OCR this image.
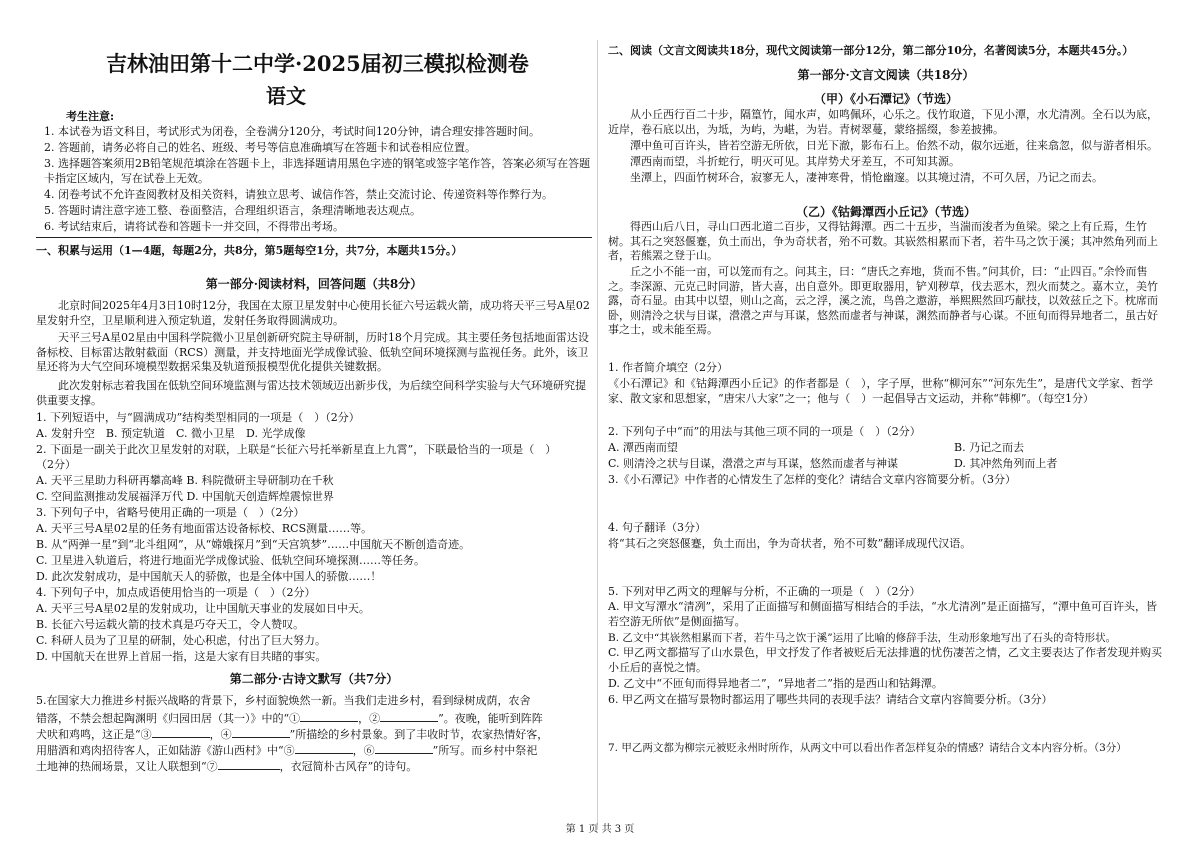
吉林油田第十二中学·2025届初三模拟检测卷
语文
考生注意:
1. 本试卷为语文科目，考试形式为闭卷，全卷满分120分，考试时间120分钟，请合理安排答题时间。
2. 答题前，请务必将自己的姓名、班级、考号等信息准确填写在答题卡和试卷相应位置。
3. 选择题答案须用2B铅笔规范填涂在答题卡上，非选择题请用黑色字迹的钢笔或签字笔作答，答案必须写在答题
卡指定区域内，写在试卷上无效。
4. 闭卷考试不允许查阅教材及相关资料，请独立思考、诚信作答，禁止交流讨论、传递资料等作弊行为。
5. 答题时请注意字迹工整、卷面整洁，合理组织语言，条理清晰地表达观点。
6. 考试结束后，请将试卷和答题卡一并交回，不得带出考场。
一、积累与运用（1—4题，每题2分，共8分，第5题每空1分，共7分，本题共15分。）
第一部分·阅读材料，回答问题（共8分）
北京时间2025年4月3日10时12分，我国在太原卫星发射中心使用长征六号运载火箭，成功将天平三号A星02星发射升空，卫星顺利进入预定轨道，发射任务取得圆满成功。
天平三号A星02星由中国科学院微小卫星创新研究院主导研制，历时18个月完成。其主要任务包括地面雷达设备标校、目标雷达散射截面（RCS）测量，并支持地面光学成像试验、低轨空间环境探测与监视任务。此外，该卫星还将为大气空间环境模型数据采集及轨道预报模型优化提供关键数据。
此次发射标志着我国在低轨空间环境监测与雷达技术领域迈出新步伐，为后续空间科学实验与大气环境研究提供重要支撑。
1. 下列短语中，与“圆满成功”结构类型相同的一项是（　）（2分）
A. 发射升空　B. 预定轨道　C. 微小卫星　D. 光学成像
2. 下面是一副关于此次卫星发射的对联，上联是“长征六号托举新星直上九霄”，下联最恰当的一项是（　）
（2分）
A. 天平三星助力科研再攀高峰 B. 科院微研主导研制功在千秋
C. 空间监测推动发展福泽万代 D. 中国航天创造辉煌震惊世界
3. 下列句子中，省略号使用正确的一项是（　）（2分）
A. 天平三号A星02星的任务有地面雷达设备标校、RCS测量……等。
B. 从“两弹一星”到“北斗组网”，从“嫦娥探月”到“天宫筑梦”……中国航天不断创造奇迹。
C. 卫星进入轨道后，将进行地面光学成像试验、低轨空间环境探测……等任务。
D. 此次发射成功，是中国航天人的骄傲，也是全体中国人的骄傲……！
4. 下列句子中，加点成语使用恰当的一项是（　）（2分）
A. 天平三号A星02星的发射成功，让中国航天事业的发展如日中天。
B. 长征六号运载火箭的技术真是巧夺天工，令人赞叹。
C. 科研人员为了卫星的研制，处心积虑，付出了巨大努力。
D. 中国航天在世界上首屈一指，这是大家有目共睹的事实。
第二部分·古诗文默写（共7分）
5.在国家大力推进乡村振兴战略的背景下，乡村面貌焕然一新。当我们走进乡村，看到绿树成荫，农舍
错落，不禁会想起陶渊明《归园田居（其一）》中的“①	，②	”。夜晚，能听到阵阵
犬吠和鸡鸣，这正是“③	，④	”所描绘的乡村景象。到了丰收时节，农家热情好客，
用腊酒和鸡肉招待客人，正如陆游《游山西村》中“⑤	，⑥	”所写。而乡村中祭祀
土地神的热闹场景，又让人联想到“⑦	，衣冠简朴古风存”的诗句。
二、阅读（文言文阅读共18分，现代文阅读第一部分12分，第二部分10分，名著阅读5分，本题共45分。）
第一部分·文言文阅读（共18分）
（甲）《小石潭记》（节选）
从小丘西行百二十步，隔篁竹，闻水声，如鸣佩环，心乐之。伐竹取道，下见小潭，水尤清冽。全石以为底，近岸，卷石底以出，为坻，为屿，为嵁，为岩。青树翠蔓，蒙络摇缀，参差披拂。
潭中鱼可百许头，皆若空游无所依，日光下澈，影布石上。佁然不动，俶尔远逝，往来翕忽，似与游者相乐。
潭西南而望，斗折蛇行，明灭可见。其岸势犬牙差互，不可知其源。
坐潭上，四面竹树环合，寂寥无人，凄神寒骨，悄怆幽邃。以其境过清，不可久居，乃记之而去。
（乙）《钴鉧潭西小丘记》（节选）
得西山后八日，寻山口西北道二百步，又得钴鉧潭。西二十五步，当湍而浚者为鱼梁。梁之上有丘焉，生竹树。其石之突怒偃蹇，负土而出，争为奇状者，殆不可数。其嵚然相累而下者，若牛马之饮于溪；其冲然角列而上者，若熊罴之登于山。
丘之小不能一亩，可以笼而有之。问其主，曰：“唐氏之弃地，货而不售。”问其价，曰：“止四百。”余怜而售之。李深源、元克己时同游，皆大喜，出自意外。即更取器用，铲刈秽草，伐去恶木，烈火而焚之。嘉木立，美竹露，奇石显。由其中以望，则山之高，云之浮，溪之流，鸟兽之遨游，举熙熙然回巧献技，以效兹丘之下。枕席而卧，则清泠之状与目谋，瀯瀯之声与耳谋，悠然而虚者与神谋，渊然而静者与心谋。不匝旬而得异地者二，虽古好事之士，或未能至焉。
1. 作者简介填空（2分）
《小石潭记》和《钴鉧潭西小丘记》的作者都是（　），字子厚，世称“柳河东”“河东先生”，是唐代文学家、哲学家、散文家和思想家，“唐宋八大家”之一；他与（　）一起倡导古文运动，并称“韩柳”。（每空1分）
2. 下列句子中“而”的用法与其他三项不同的一项是（　）（2分）
A. 潭西南而望	B. 乃记之而去
C. 则清泠之状与目谋，瀯瀯之声与耳谋，悠然而虚者与神谋	D. 其冲然角列而上者
3.《小石潭记》中作者的心情发生了怎样的变化？请结合文章内容简要分析。（3分）
4. 句子翻译（3分）
将“其石之突怒偃蹇，负土而出，争为奇状者，殆不可数”翻译成现代汉语。
5. 下列对甲乙两文的理解与分析，不正确的一项是（　）（2分）
A. 甲文写潭水“清冽”，采用了正面描写和侧面描写相结合的手法，“水尤清冽”是正面描写，“潭中鱼可百许头，皆若空游无所依”是侧面描写。
B. 乙文中“其嵚然相累而下者，若牛马之饮于溪”运用了比喻的修辞手法，生动形象地写出了石头的奇特形状。
C. 甲乙两文都描写了山水景色，甲文抒发了作者被贬后无法排遣的忧伤凄苦之情，乙文主要表达了作者发现并购买小丘后的喜悦之情。
D. 乙文中“不匝旬而得异地者二”，“异地者二”指的是西山和钴鉧潭。
6. 甲乙两文在描写景物时都运用了哪些共同的表现手法？请结合文章内容简要分析。（3分）
7. 甲乙两文都为柳宗元被贬永州时所作，从两文中可以看出作者怎样复杂的情感？请结合文本内容分析。（3分）
第 1 页 共 3 页
